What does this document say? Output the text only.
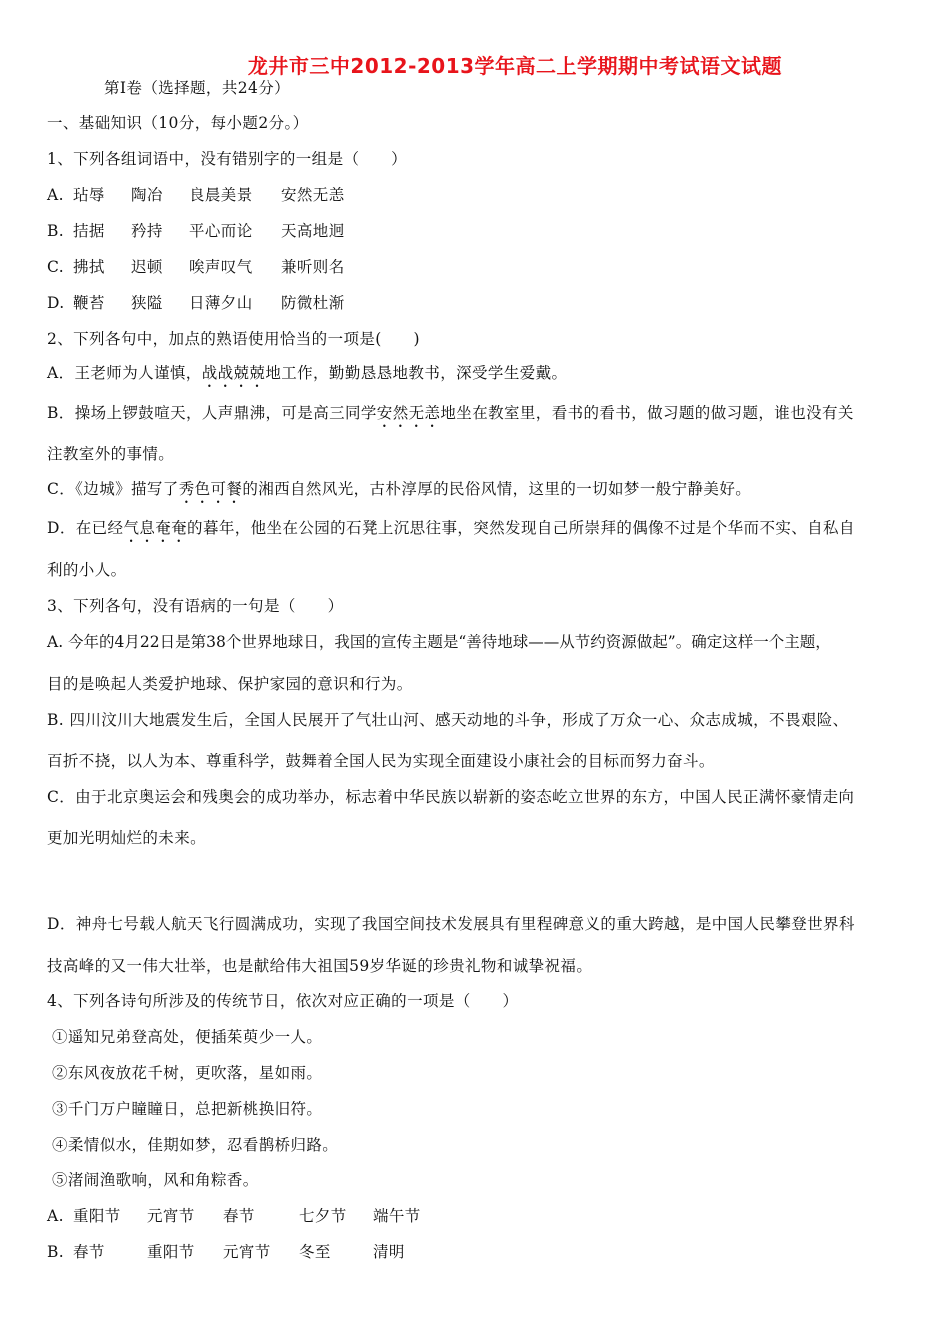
龙井市三中2012-2013学年高二上学期期中考试语文试题
第Ⅰ卷（选择题，共24分）
一、基础知识（10分，每小题2分。）
1、下列各组词语中，没有错别字的一组是（　　）
A. 玷辱 陶冶 良晨美景 安然无恙
B. 拮据 矜持 平心而论 天高地迥
C. 拂拭 迟顿 唉声叹气 兼听则名
D. 鞭苔 狭隘 日薄夕山 防微杜渐
2、下列各句中，加点的熟语使用恰当的一项是(　　)
A．王老师为人谨慎，战战兢兢地工作，勤勤恳恳地教书，深受学生爱戴。
B．操场上锣鼓喧天，人声鼎沸，可是高三同学安然无恙地坐在教室里，看书的看书，做习题的做习题，谁也没有关
注教室外的事情。
C．《边城》描写了秀色可餐的湘西自然风光，古朴淳厚的民俗风情，这里的一切如梦一般宁静美好。
D．在已经气息奄奄的暮年，他坐在公园的石凳上沉思往事，突然发现自己所崇拜的偶像不过是个华而不实、自私自
利的小人。
3、下列各句，没有语病的一句是（　　）
A. 今年的4月22日是第38个世界地球日，我国的宣传主题是“善待地球——从节约资源做起”。确定这样一个主题，
目的是唤起人类爱护地球、保护家园的意识和行为。
B. 四川汶川大地震发生后，全国人民展开了气壮山河、感天动地的斗争，形成了万众一心、众志成城，不畏艰险、
百折不挠，以人为本、尊重科学，鼓舞着全国人民为实现全面建设小康社会的目标而努力奋斗。
C．由于北京奥运会和残奥会的成功举办，标志着中华民族以崭新的姿态屹立世界的东方，中国人民正满怀豪情走向
更加光明灿烂的未来。
D．神舟七号载人航天飞行圆满成功，实现了我国空间技术发展具有里程碑意义的重大跨越，是中国人民攀登世界科
技高峰的又一伟大壮举，也是献给伟大祖国59岁华诞的珍贵礼物和诚挚祝福。
4、下列各诗句所涉及的传统节日，依次对应正确的一项是（　　）
①遥知兄弟登高处，便插茱萸少一人。
②东风夜放花千树，更吹落，星如雨。
③千门万户瞳瞳日，总把新桃换旧符。
④柔情似水，佳期如梦，忍看鹊桥归路。
⑤渚闹渔歌响，风和角粽香。
A. 重阳节 元宵节 春节	七夕节 端午节
B. 春节	重阳节 元宵节 冬至	清明
